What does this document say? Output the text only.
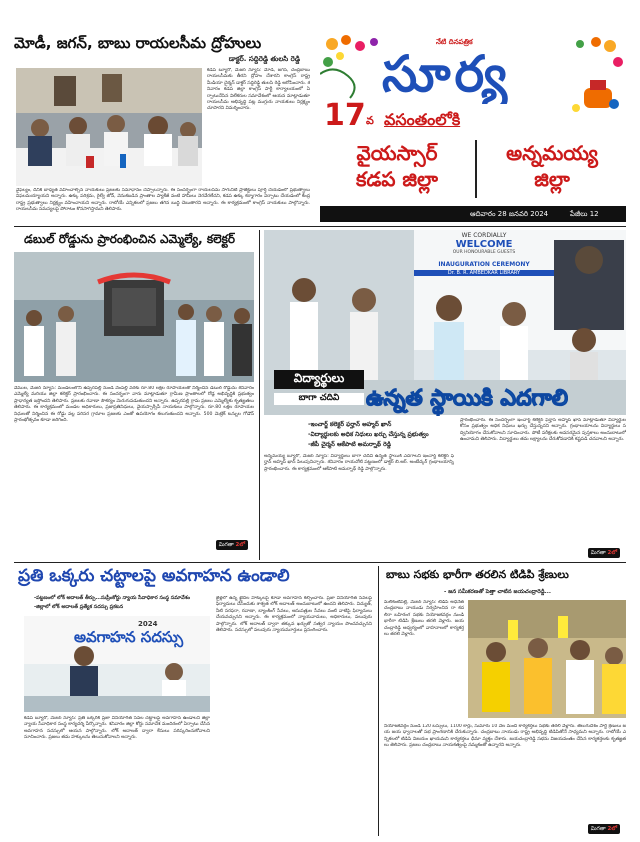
మోడీ, జగన్, బాబు రాయలసీమ ద్రోహులు
డాక్టర్. సద్దిరెడ్డి తులసి రెడ్డి
కడప బ్యూరో, మేజర్ న్యూస్: మోడీ, జగన్, చంద్రబాబు రాయలసీమకు తీరని ద్రోహం చేశారని కాంగ్రెస్ రాష్ట్ర మీడియా చైర్మన్ డాక్టర్ సద్దిరెడ్డి తులసి రెడ్డి ఆరోపించారు. శనివారం కడప జిల్లా కాంగ్రెస్ పార్టీ కార్యాలయంలో ఏర్పాటుచేసిన విలేకరుల సమావేశంలో ఆయన మాట్లాడుతూ రాయలసీమ అభివృద్ధి పట్ల ముగ్గురు నాయకులు నిర్లక్ష్యం చూపారని విమర్శించారు.
వైఫల్యం, దీనికి బాధ్యత వహించాల్సిన నాయకులు ప్రజలకు సమాధానం చెప్పాలన్నారు. ఈ సందర్భంగా రాయలసీమ సాగునీటి ప్రాజెక్టులు పూర్తి చేయడంలో ప్రభుత్వాలు విఫలమయ్యాయని అన్నారు. ఉక్కు పరిశ్రమ, రైల్వే జోన్, వెనుకబడిన ప్రాంతాల ప్యాకేజీ వంటి హామీలు నెరవేరలేదని, కడప ఉక్కు కర్మాగారం ఏర్పాటు చేయడంలో కేంద్ర రాష్ట్ర ప్రభుత్వాలు నిర్లక్ష్యం వహించాయని అన్నారు. రాబోయే ఎన్నికలలో ప్రజలు తగిన బుద్ధి చెబుతారని అన్నారు. ఈ కార్యక్రమంలో కాంగ్రెస్ నాయకులు పాల్గొన్నారు. రాయలసీమ సమస్యలపై పోరాటం కొనసాగిస్తామని తెలిపారు.
నేటి దినపత్రిక
సూర్య
17 వ వసంతంలోకి
వైయస్సార్
కడప జిల్లా
అన్నమయ్య
జిల్లా
ఆదివారం 28 జనవరి 2024	పేజీలు 12
డబుల్ రోడ్డును ప్రారంభించిన ఎమ్మెల్యే, కలెక్టర్
వేముల, మేజర్ న్యూస్: మండలంలోని ఉప్పరపల్లి నుండి వేంపల్లి వరకు రూ.80 లక్షల రూపాయలతో నిర్మించిన డబుల్ రోడ్డును శనివారం ఎమ్మెల్యే మరియు జిల్లా కలెక్టర్ ప్రారంభించారు. ఈ సందర్భంగా వారు మాట్లాడుతూ గ్రామీణ ప్రాంతాలలో రోడ్ల అభివృద్ధికి ప్రభుత్వం ప్రాధాన్యత ఇస్తోందని తెలిపారు. ప్రజలకు రవాణా సౌకర్యం మెరుగుపడుతుందని అన్నారు. ఉప్పరపల్లి గ్రామ ప్రజలు ఎమ్మెల్యేకు కృతజ్ఞతలు తెలిపారు. ఈ కార్యక్రమంలో మండల అధికారులు, ప్రజాప్రతినిధులు, వైయస్సార్సీపీ నాయకులు పాల్గొన్నారు. రూ.80 లక్షల రూపాయల నిధులతో నిర్మించిన ఈ రోడ్డు వల్ల పరిసర గ్రామాల ప్రజలకు ఎంతో ఉపయోగం కలుగుతుందని అన్నారు. 500 మెట్రిక్ టన్నుల గోడౌన్ ప్రారంభోత్సవం కూడా జరిగింది.
మిగతా 2లో
WE CORDIALLY
WELCOME
OUR HONOURABLE GUESTS
INAUGURATION CEREMONY
Dr. B. R. AMBEDKAR LIBRARY
విద్యార్థులు
బాగా చదివి	ఉన్నత స్థాయికి ఎదగాలి
-ఇంచార్జ్ కలెక్టర్ ఫర్హాన్ అహ్మద్ ఖాన్
-విద్యార్థులకు అధిక నిధులు ఖర్చు చేస్తున్న ప్రభుత్వం
-జీపీ చైర్మన్ ఆకేపాటి అమర్నాథ్ రెడ్డి
అన్నమయ్య బ్యూరో, మేజర్ న్యూస్: విద్యార్థులు బాగా చదివి ఉన్నత స్థాయికి ఎదగాలని ఇంచార్జ్ కలెక్టర్ ఫర్హాన్ అహ్మద్ ఖాన్ పిలుపునిచ్చారు. శనివారం రాయచోటి పట్టణంలో డాక్టర్ బి.ఆర్. అంబేద్కర్ గ్రంథాలయాన్ని ప్రారంభించారు. ఈ కార్యక్రమంలో ఆకేపాటి అమర్నాథ్ రెడ్డి పాల్గొన్నారు.
ప్రారంభించారు. ఈ సందర్భంగా ఇంచార్జ్ కలెక్టర్ ఫర్హాన్ అహ్మద్ ఖాన్ మాట్లాడుతూ విద్యార్థుల కోసం ప్రభుత్వం అధిక నిధులు ఖర్చు చేస్తున్నదని అన్నారు. గ్రంథాలయాలను విద్యార్థులు సద్వినియోగం చేసుకోవాలని సూచించారు. పోటీ పరీక్షలకు అవసరమైన పుస్తకాలు అందుబాటులో ఉంచామని తెలిపారు. విద్యార్థులు తమ లక్ష్యాలను చేరుకోవడానికి కష్టపడి చదవాలని అన్నారు.
మిగతా 2లో
ప్రతి ఒక్కరు చట్టాలపై అవగాహన ఉండాలి
-పట్టణంలో లోక్ అదాలత్ తీర్పు...సుప్రీంకోర్టు న్యాయ సేవాధికార సంస్థ సమావేశం
-జిల్లాలో లోక్ అదాలత్ ప్రత్యేక సదస్సు ప్రకటన
అవగాహన సదస్సు
2024
కడప బ్యూరో, మేజర్ న్యూస్: ప్రతి ఒక్కరికి ప్రజా వినియోగిత సేవల చట్టాలపై అవగాహన ఉండాలని జిల్లా న్యాయ సేవాధికార సంస్థ కార్యదర్శి పేర్కొన్నారు. శనివారం జిల్లా కోర్టు సమావేశ మందిరంలో ఏర్పాటు చేసిన అవగాహన సదస్సులో ఆయన పాల్గొన్నారు. లోక్ అదాలత్ ద్వారా కేసులు పరిష్కరించుకోవాలని సూచించారు. ప్రజలు తమ హక్కులను తెలుసుకోవాలని అన్నారు.
జైళ్లలో ఉన్న ఖైదీల హక్కులపై కూడా అవగాహన కల్పించారు. ప్రజా వినియోగిత సేవలపై ఫిర్యాదులు చేసేందుకు శాశ్వత లోక్ అదాలత్ అందుబాటులో ఉందని తెలిపారు. విద్యుత్, నీటి సరఫరా, రవాణా, బ్యాంకింగ్ సేవలు, ఆసుపత్రుల సేవలు వంటి వాటిపై ఫిర్యాదులు చేయవచ్చునని అన్నారు. ఈ కార్యక్రమంలో న్యాయవాదులు, అధికారులు, పలువురు పాల్గొన్నారు. లోక్ అదాలత్ ద్వారా తక్కువ ఖర్చుతో సత్వర న్యాయం పొందవచ్చునని తెలిపారు. సదస్సులో పలువురు న్యాయమూర్తులు ప్రసంగించారు.
బాబు సభకు భారీగా తరలిన టిడిపి శ్రేణులు
- జన సమీకరణతో పెత్తా చాటిన జయచంద్రారెడ్డి...
మలికంటిపల్లి, మేజర్ న్యూస్: టిడిపి అధినేత చంద్రబాబు నాయుడు నిర్వహించిన రా కదలిరా బహిరంగ సభకు నియోజకవర్గం నుండి భారీగా టిడిపి శ్రేణులు తరలి వెళ్లారు. జయచంద్రారెడ్డి ఆధ్వర్యంలో వాహనాలలో కార్యకర్తలు తరలి వెళ్లారు.
నియోజకవర్గం నుండి 120 బస్సులు, 1100 కార్లు, సుమారు 10 వేల మంది కార్యకర్తలు సభకు తరలి వెళ్లారు. తెలుగుదేశం పార్టీ శ్రేణులు జయ జయ ధ్వానాలతో సభ ప్రాంగణానికి చేరుకున్నారు. చంద్రబాబు నాయుడు రాష్ట్ర అభివృద్ధి టిడిపితోనే సాధ్యమని అన్నారు. రాబోయే ఎన్నికలలో టిడిపి విజయం ఖాయమని కార్యకర్తలు ధీమా వ్యక్తం చేశారు. జయచంద్రారెడ్డి సభను విజయవంతం చేసిన కార్యకర్తలకు కృతజ్ఞతలు తెలిపారు. ప్రజలు చంద్రబాబు నాయకత్వంపై నమ్మకంతో ఉన్నారని అన్నారు.
మిగతా 2లో
